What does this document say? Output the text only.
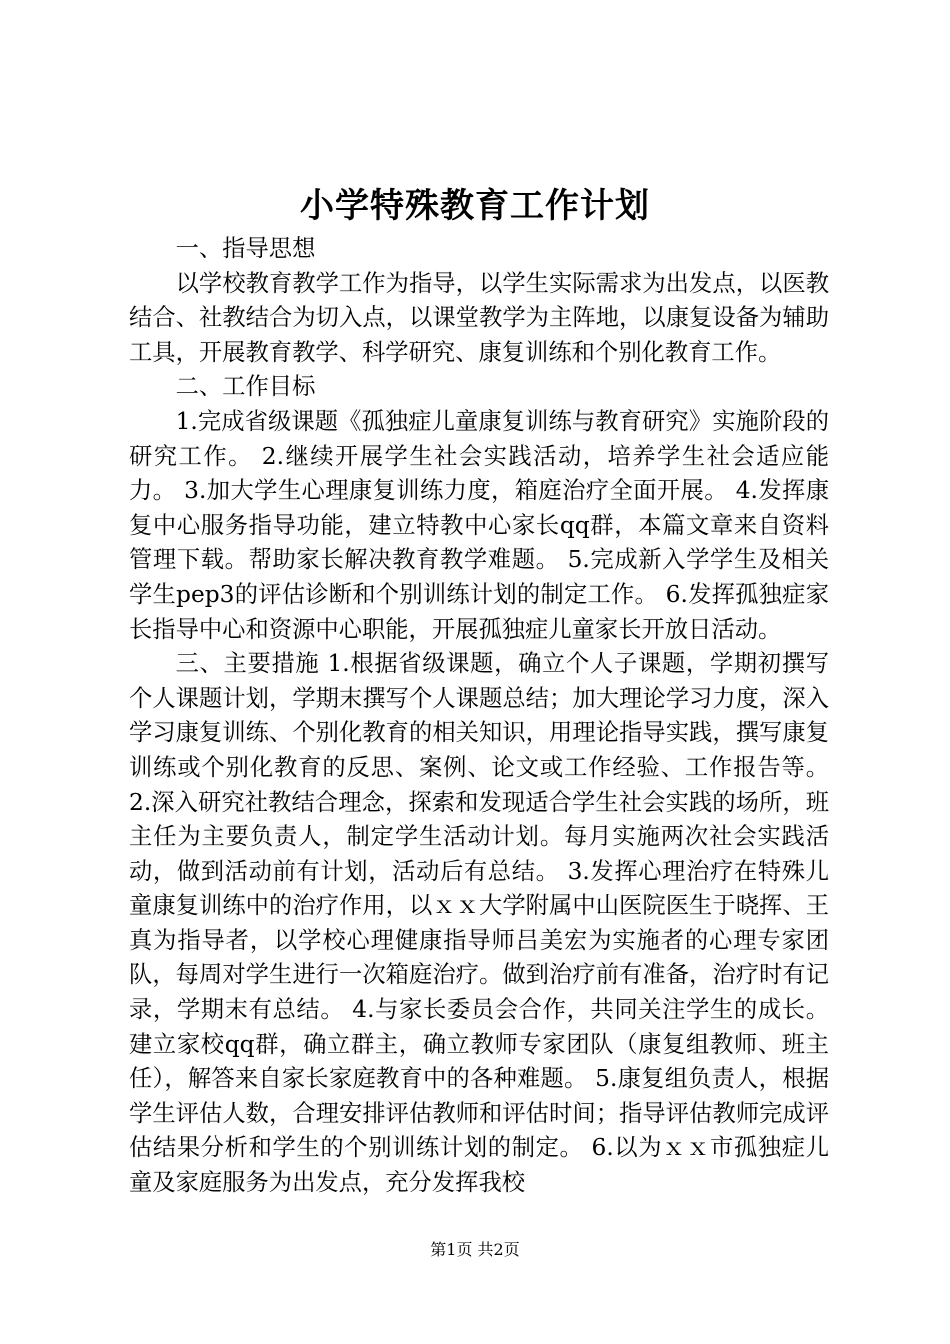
小学特殊教育工作计划

一、指导思想

以学校教育教学工作为指导，以学生实际需求为出发点，以医教结合、社教结合为切入点，以课堂教学为主阵地，以康复设备为辅助工具，开展教育教学、科学研究、康复训练和个别化教育工作。

二、工作目标

1.完成省级课题《孤独症儿童康复训练与教育研究》实施阶段的研究工作。 2.继续开展学生社会实践活动，培养学生社会适应能力。 3.加大学生心理康复训练力度，箱庭治疗全面开展。 4.发挥康复中心服务指导功能，建立特教中心家长qq群，本篇文章来自资料管理下载。帮助家长解决教育教学难题。 5.完成新入学学生及相关学生pep3的评估诊断和个别训练计划的制定工作。 6.发挥孤独症家长指导中心和资源中心职能，开展孤独症儿童家长开放日活动。

三、主要措施 1.根据省级课题，确立个人子课题，学期初撰写个人课题计划，学期末撰写个人课题总结；加大理论学习力度，深入学习康复训练、个别化教育的相关知识，用理论指导实践，撰写康复训练或个别化教育的反思、案例、论文或工作经验、工作报告等。 2.深入研究社教结合理念，探索和发现适合学生社会实践的场所，班主任为主要负责人，制定学生活动计划。每月实施两次社会实践活动，做到活动前有计划，活动后有总结。 3.发挥心理治疗在特殊儿童康复训练中的治疗作用，以ｘｘ大学附属中山医院医生于晓挥、王真为指导者，以学校心理健康指导师吕美宏为实施者的心理专家团队，每周对学生进行一次箱庭治疗。做到治疗前有准备，治疗时有记录，学期末有总结。 4.与家长委员会合作，共同关注学生的成长。建立家校qq群，确立群主，确立教师专家团队（康复组教师、班主任），解答来自家长家庭教育中的各种难题。 5.康复组负责人，根据学生评估人数，合理安排评估教师和评估时间；指导评估教师完成评估结果分析和学生的个别训练计划的制定。 6.以为ｘｘ市孤独症儿童及家庭服务为出发点，充分发挥我校

第1页 共2页
